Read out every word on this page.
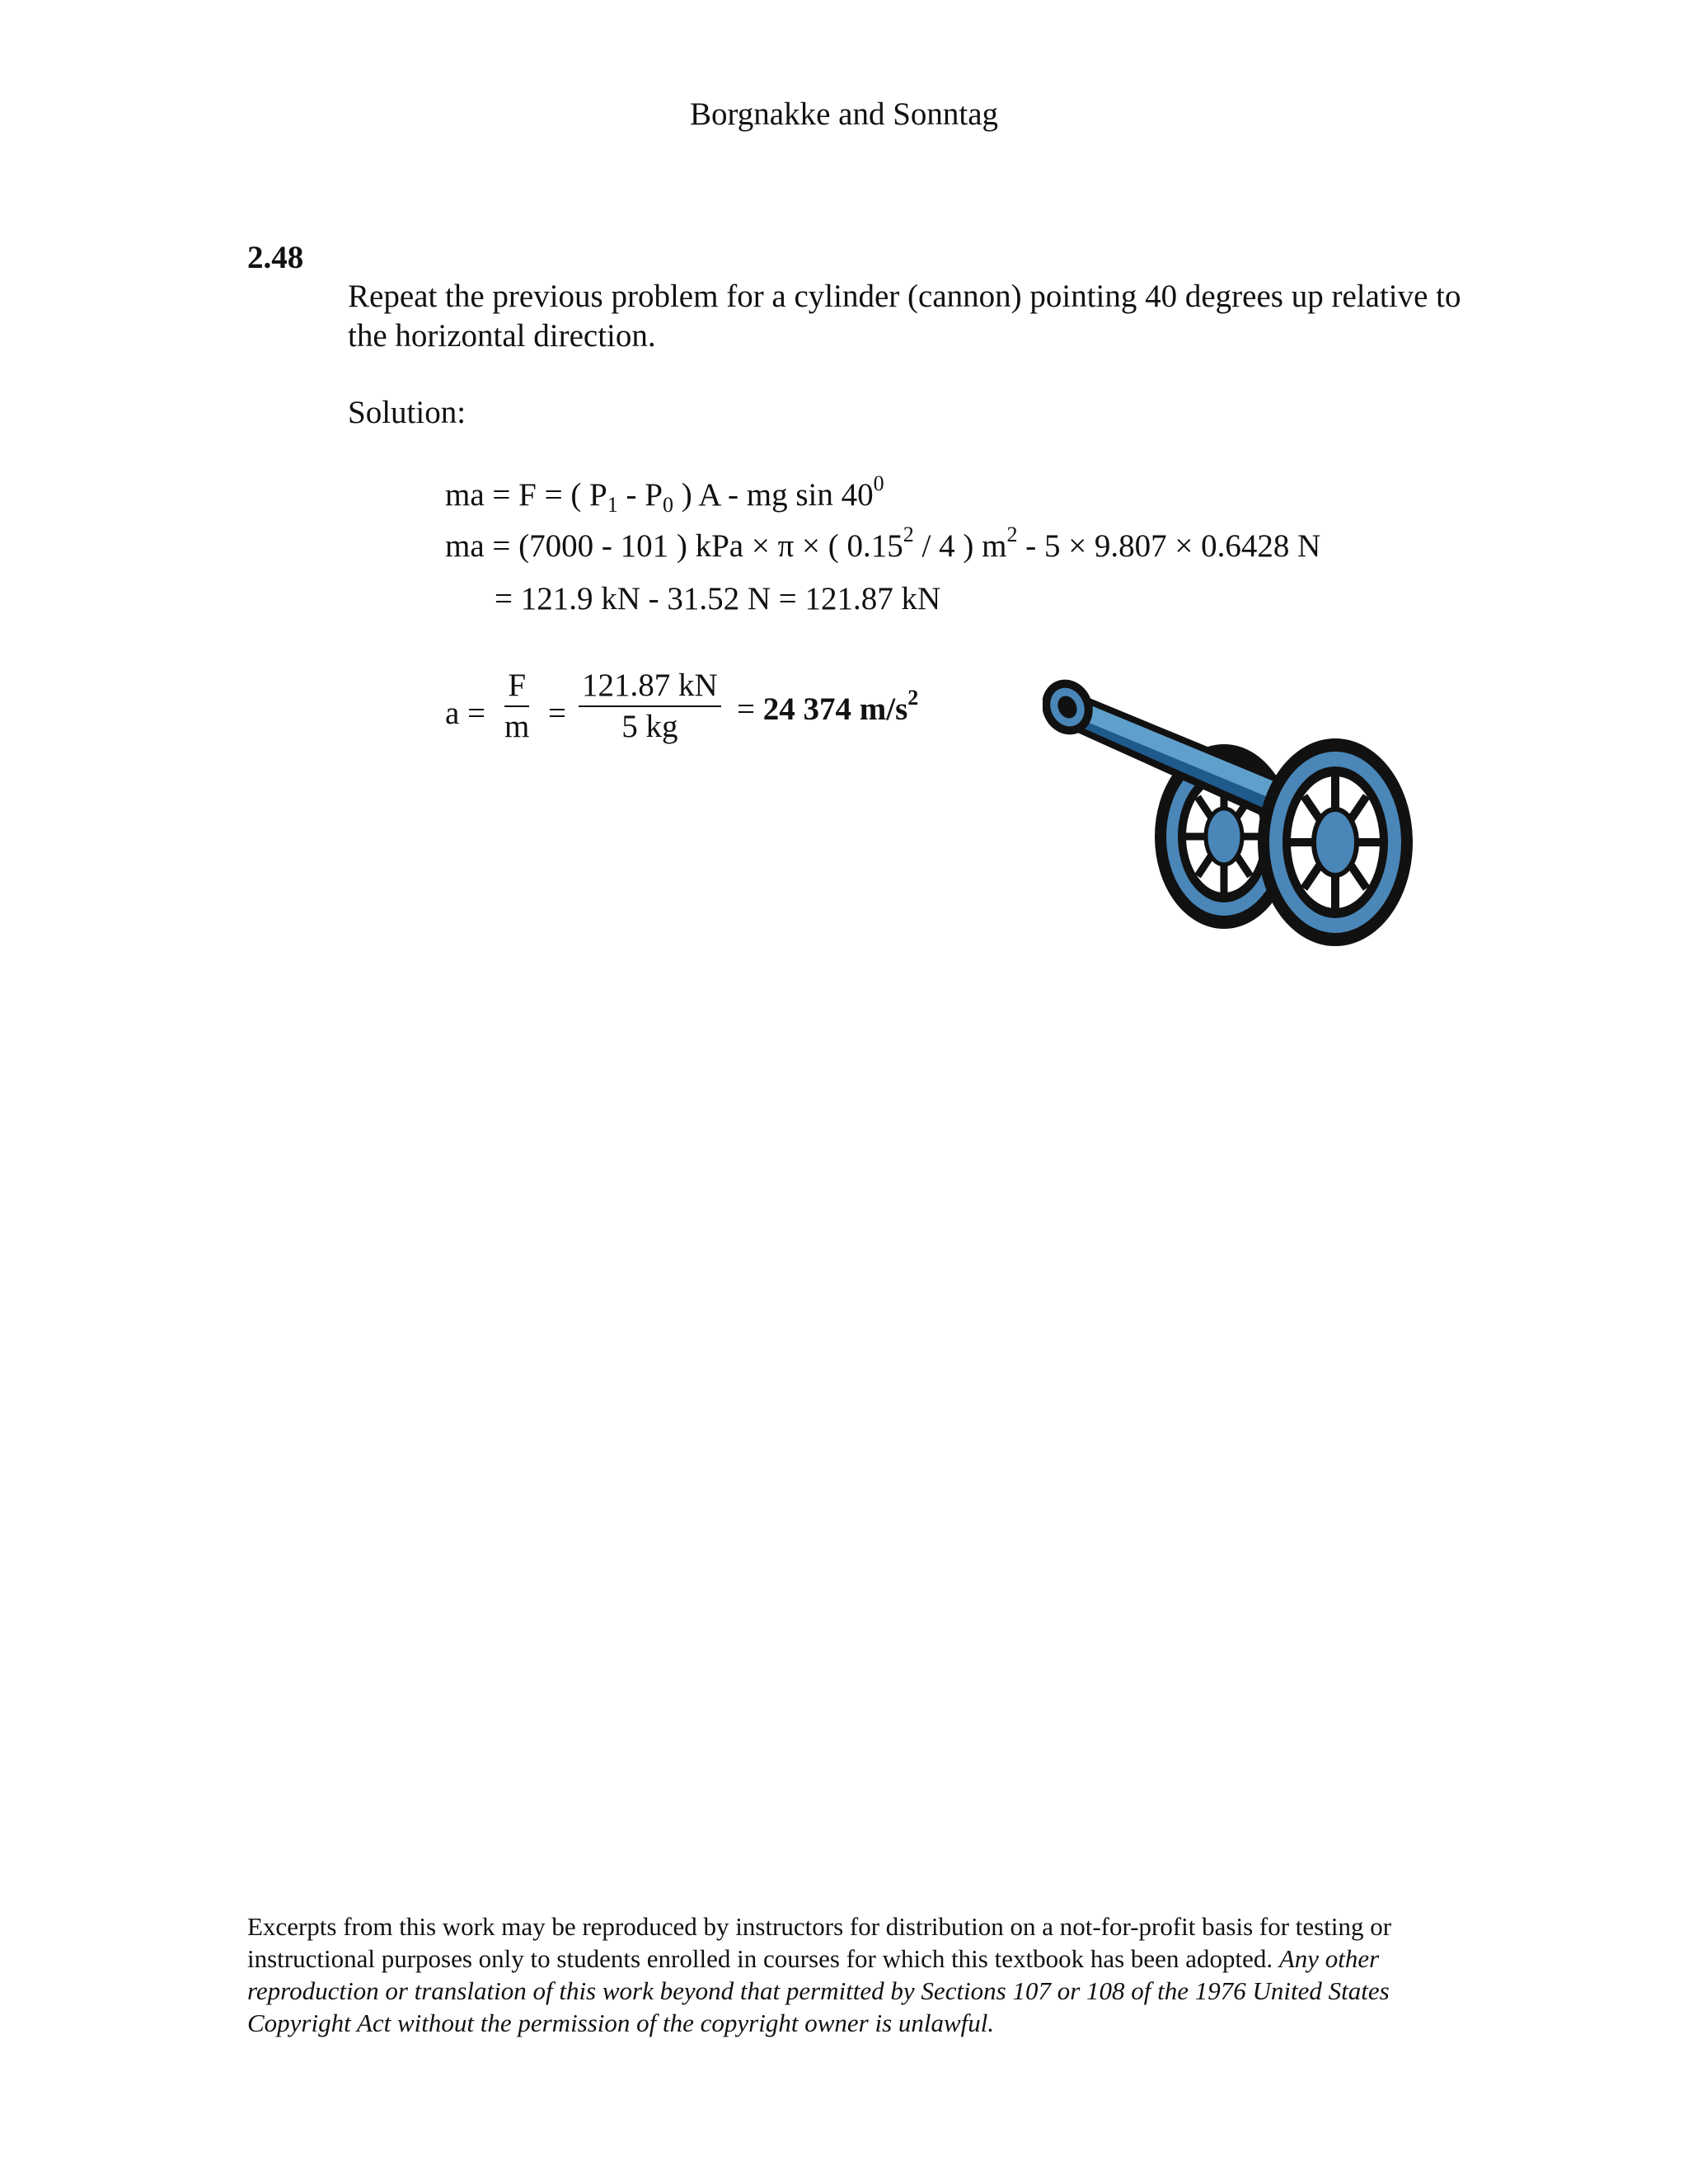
Borgnakke and Sonntag
2.48
Repeat the previous problem for a cylinder (cannon) pointing 40 degrees up relative to the horizontal direction.
Solution:
ma = F = ( $P_1 - P_0$ ) A - mg $\sin 40^0$
ma = (7000 - 101 ) kPa × π × ( 0.15$^2$ / 4 ) $m^2 - 5 \times 9.807 \times 0.6428$ N
= 121.9 kN - 31.52 N = 121.87 kN
$a = \frac{F}{m} = \frac{121.87 kN}{5 kg} = 24$ 374 $m/s^2$
Excerpts from this work may be reproduced by instructors for distribution on a not-for-profit basis for testing or instructional purposes only to students enrolled in courses for which this textbook has been adopted. Any other reproduction or translation of this work beyond that permitted by Sections 107 or 108 of the 1976 United States Copyright Act without the permission of the copyright owner is unlawful.
